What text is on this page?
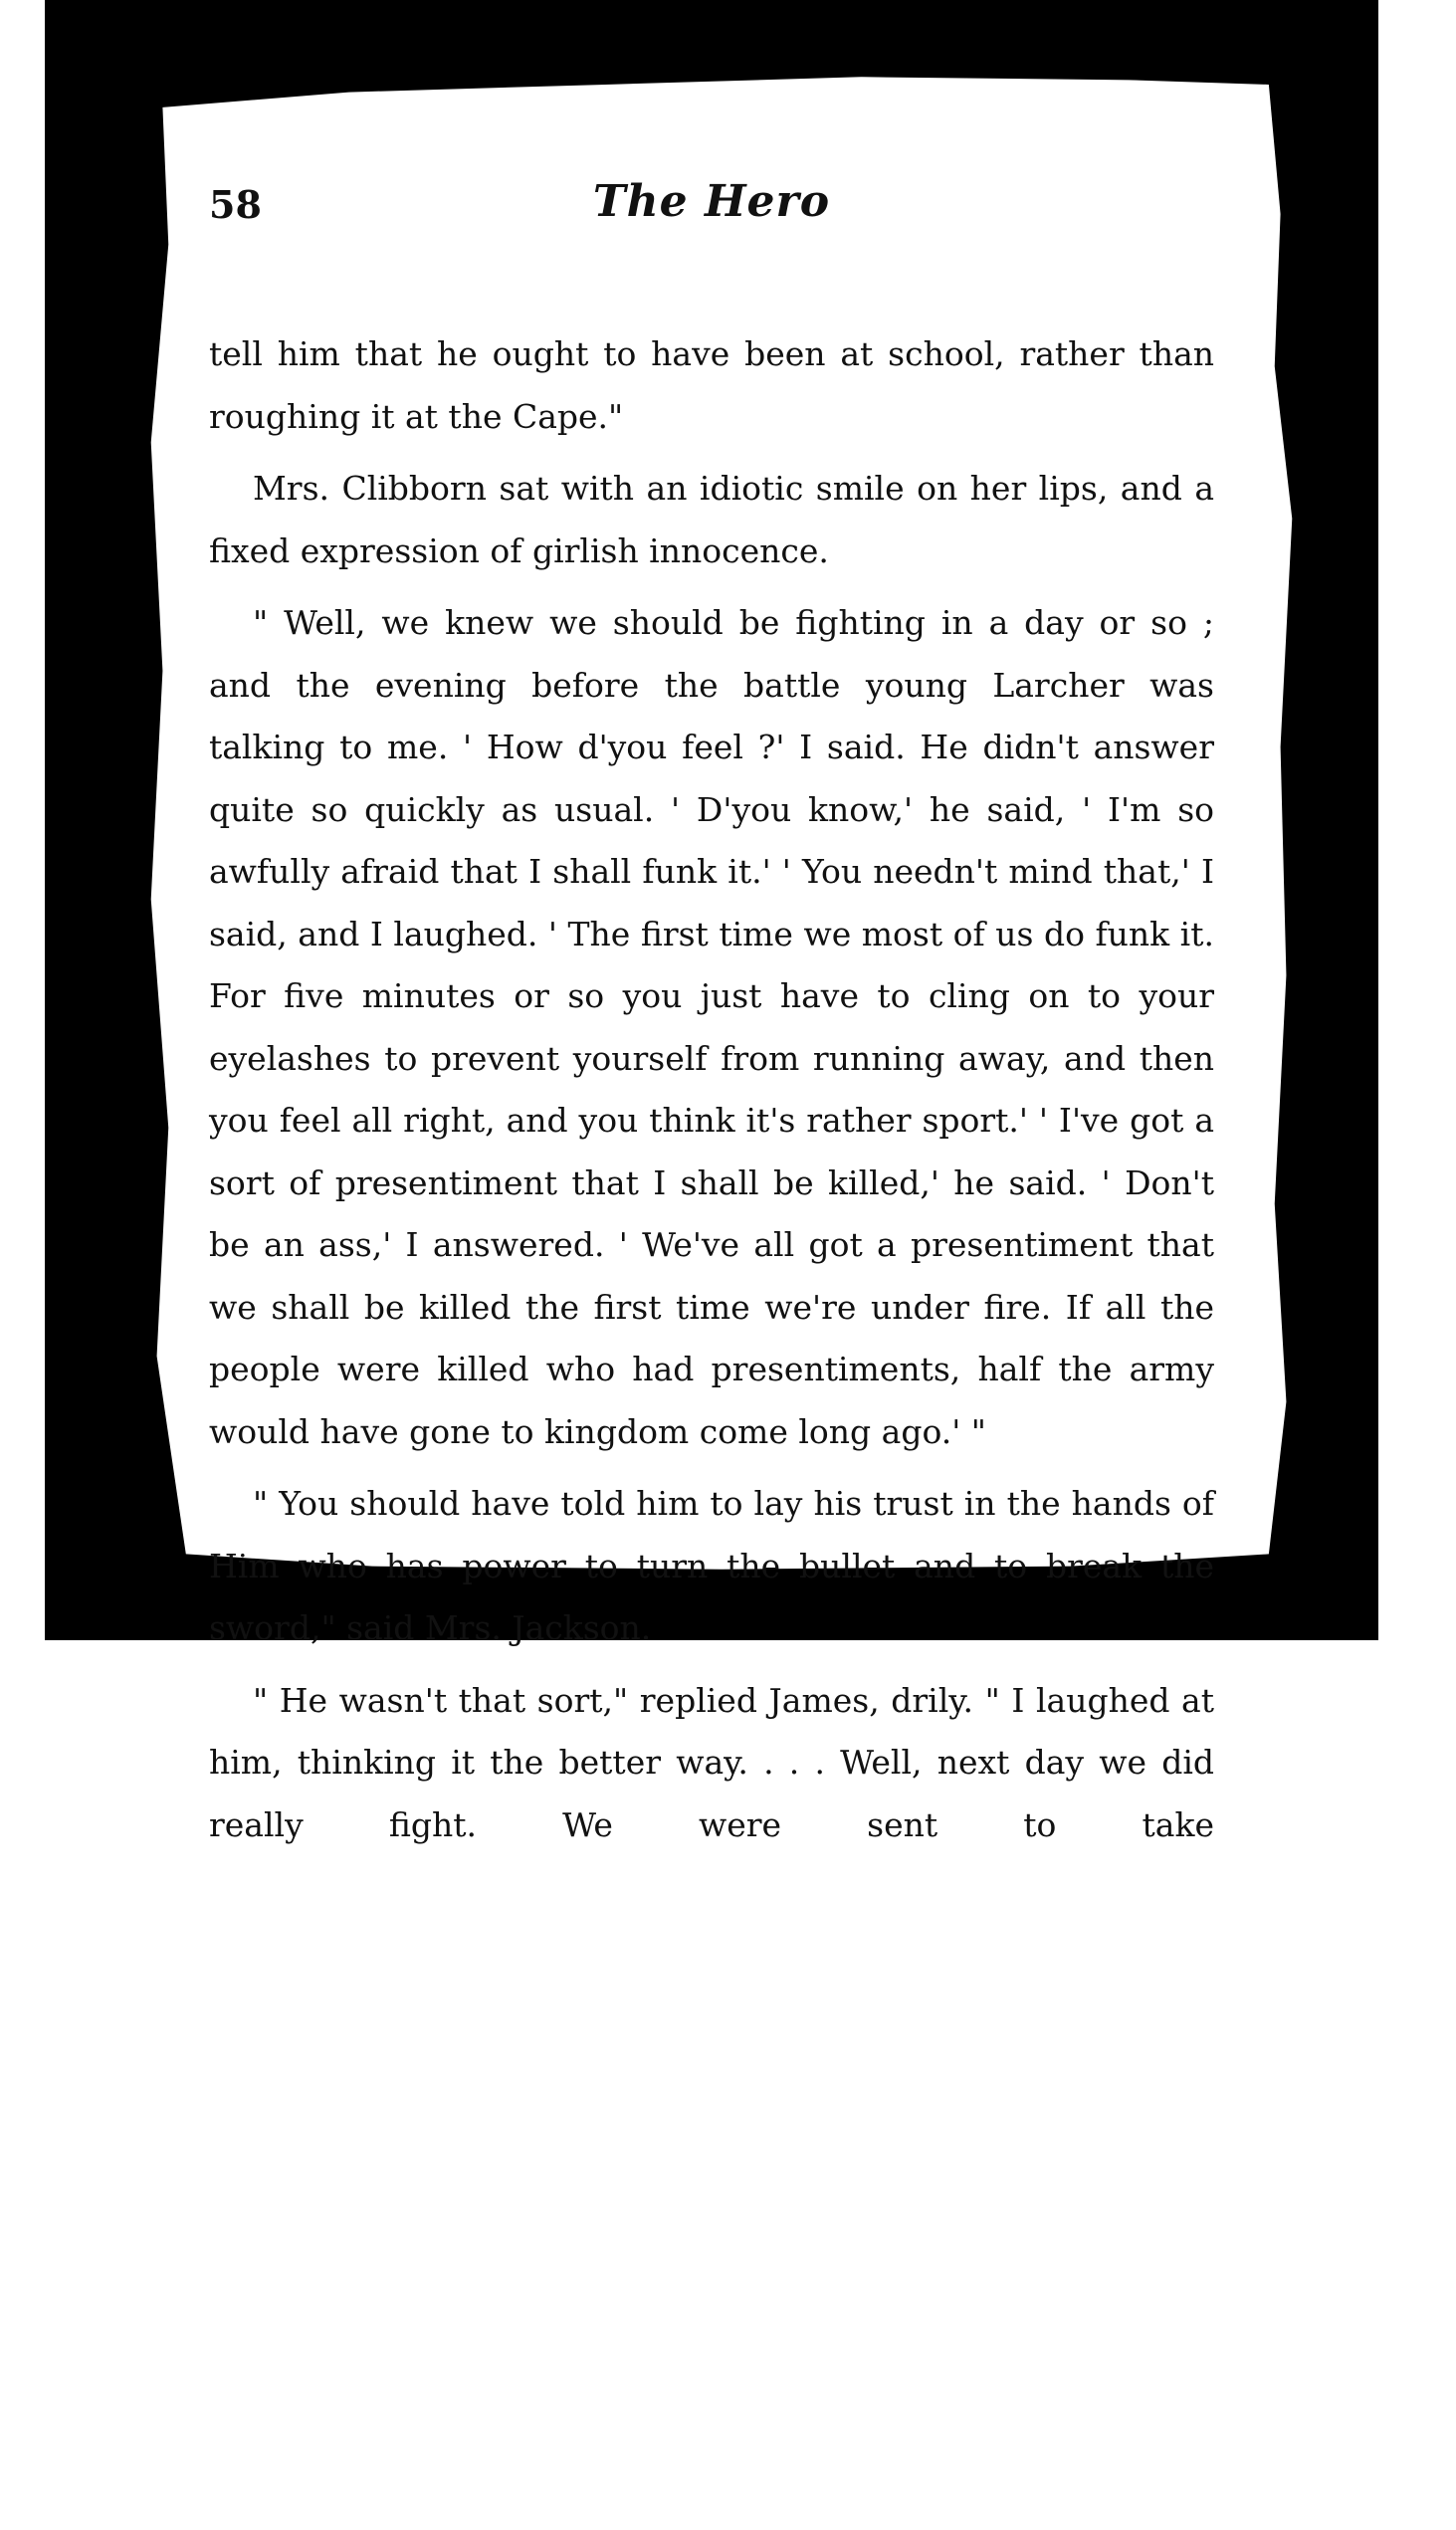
58	The Hero

tell him that he ought to have been at school, rather than roughing it at the Cape."

Mrs. Clibborn sat with an idiotic smile on her lips, and a fixed expression of girlish innocence.

" Well, we knew we should be fighting in a day or so ; and the evening before the battle young Larcher was talking to me. ' How d'you feel ?' I said. He didn't answer quite so quickly as usual. ' D'you know,' he said, ' I'm so awfully afraid that I shall funk it.' ' You needn't mind that,' I said, and I laughed. ' The first time we most of us do funk it. For five minutes or so you just have to cling on to your eyelashes to prevent yourself from running away, and then you feel all right, and you think it's rather sport.' ' I've got a sort of presentiment that I shall be killed,' he said. ' Don't be an ass,' I answered. ' We've all got a presentiment that we shall be killed the first time we're under fire. If all the people were killed who had presentiments, half the army would have gone to kingdom come long ago.' "

" You should have told him to lay his trust in the hands of Him who has power to turn the bullet and to break the sword," said Mrs. Jackson.

" He wasn't that sort," replied James, drily. " I laughed at him, thinking it the better way. . . . Well, next day we did really fight. We were sent to take
